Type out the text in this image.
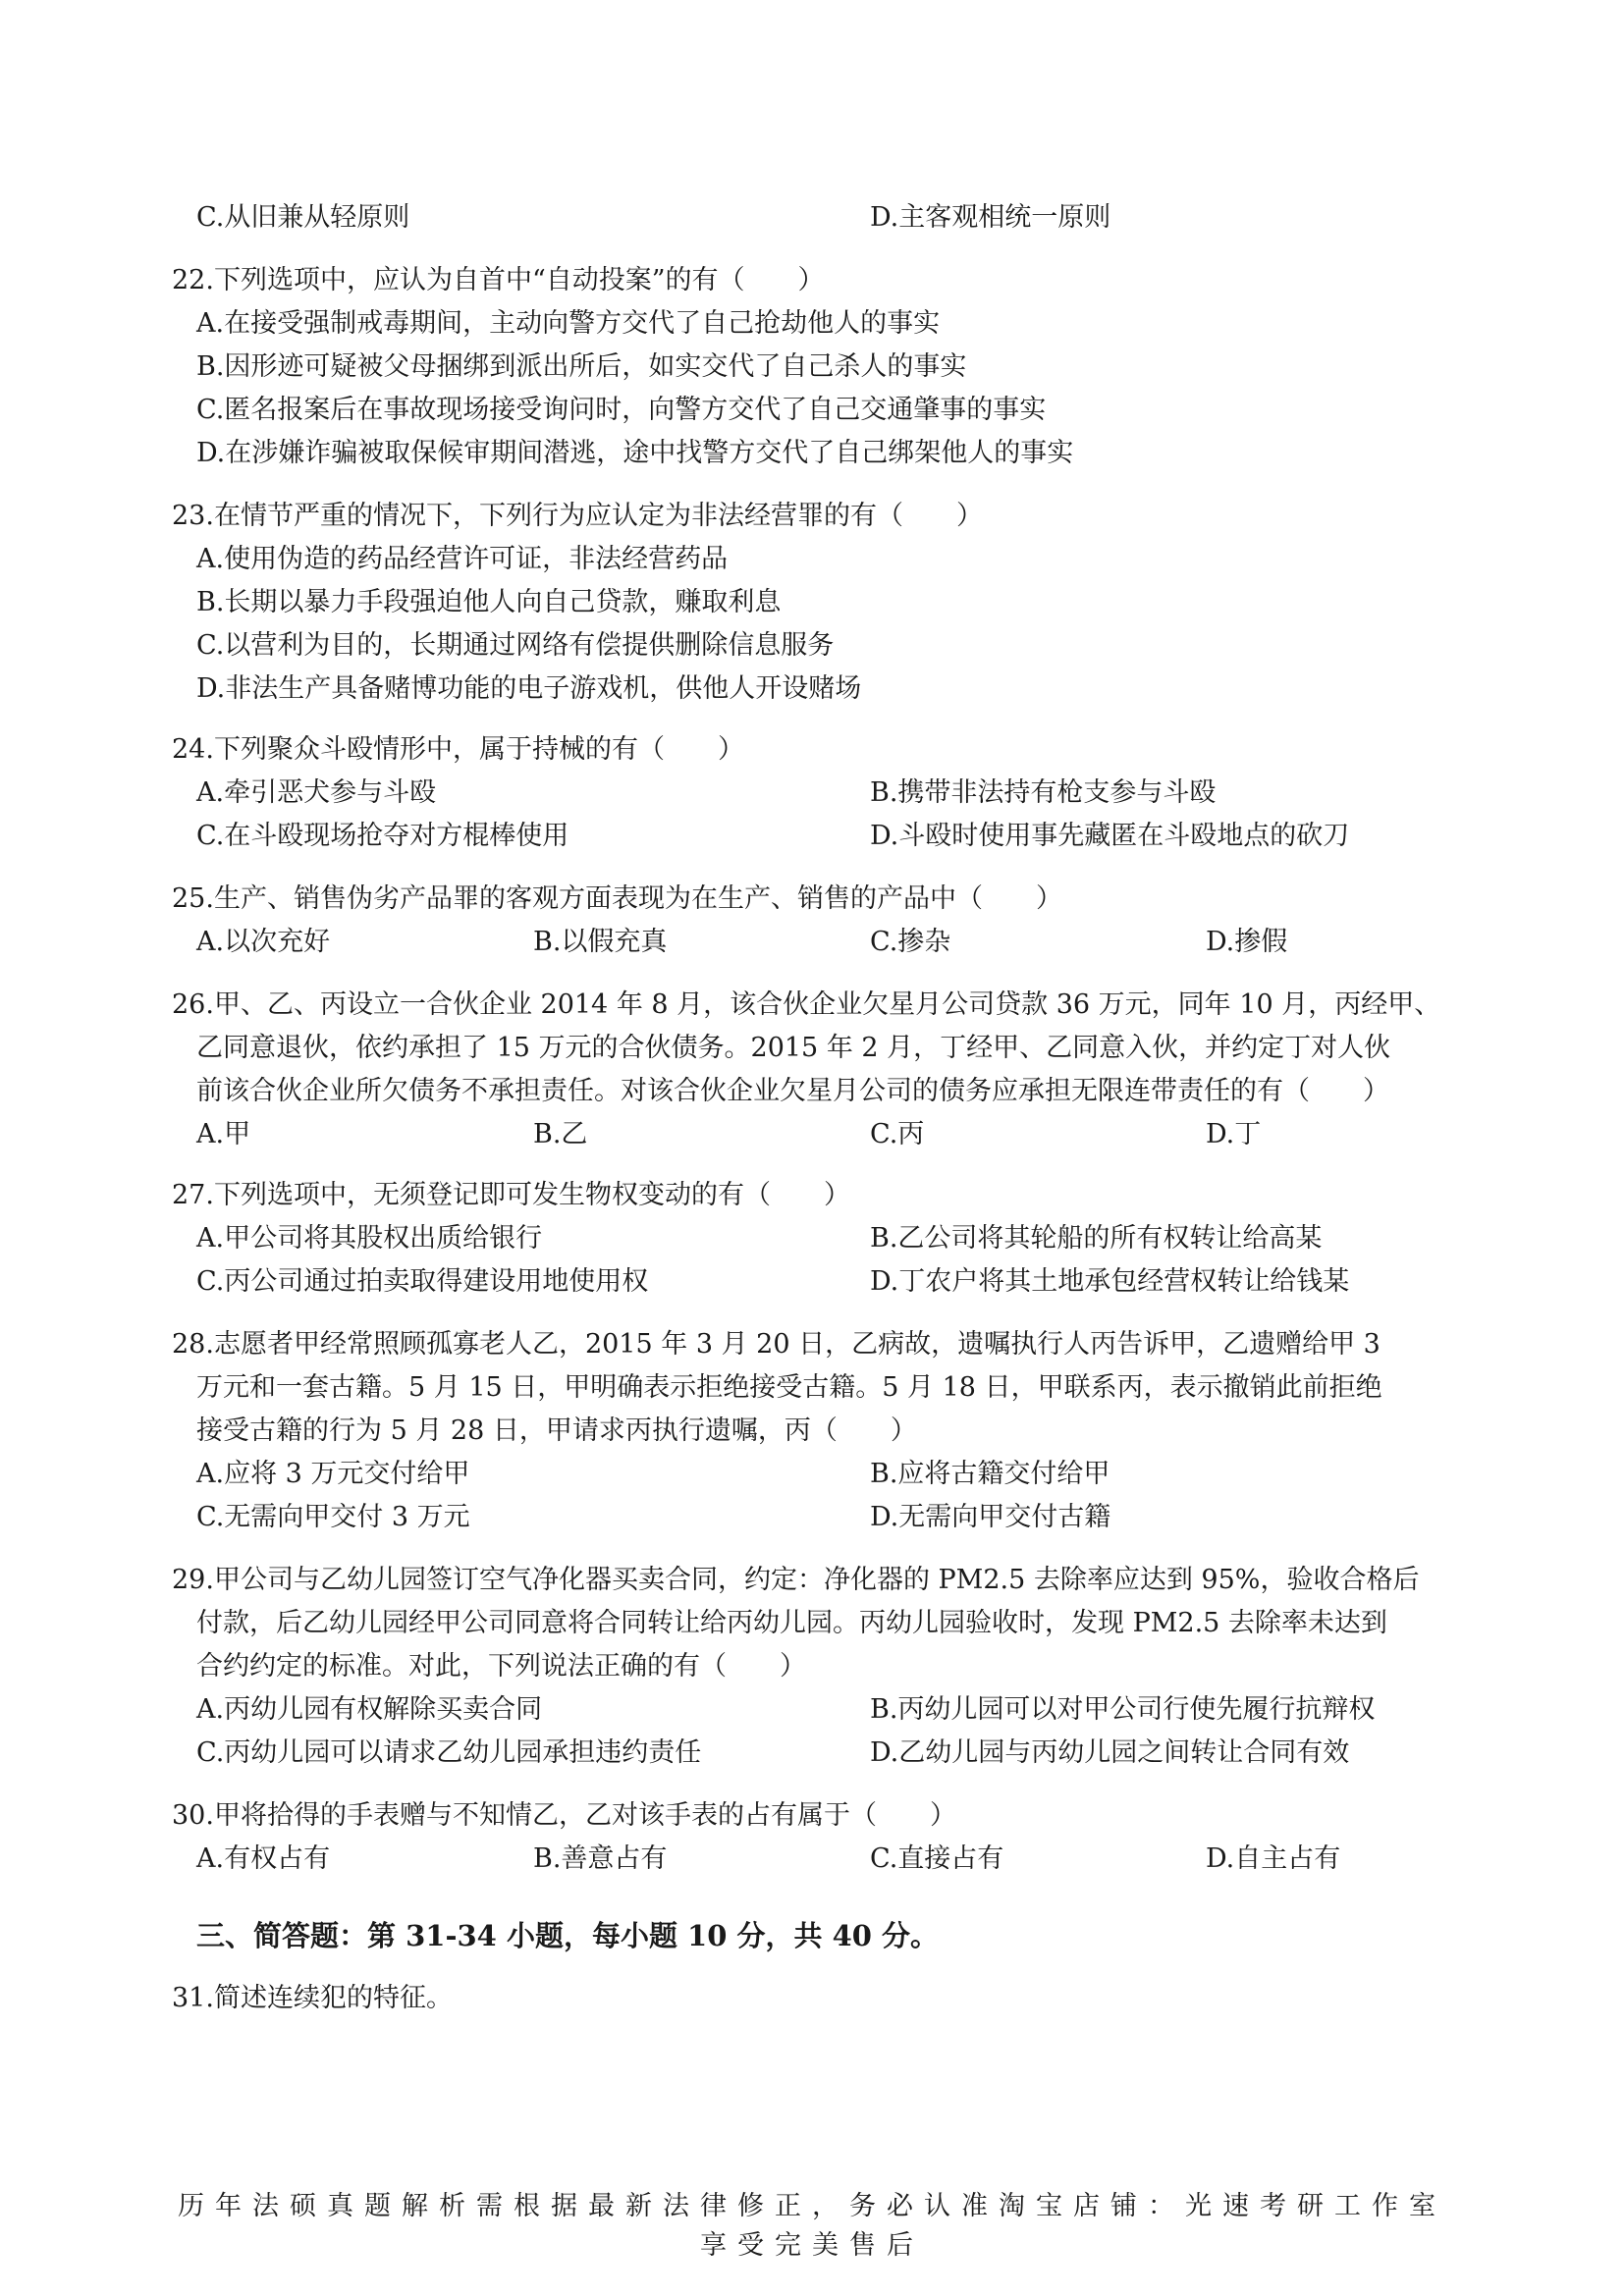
C.从旧兼从轻原则	D.主客观相统一原则
22.下列选项中，应认为自首中“自动投案”的有（　　）
A.在接受强制戒毒期间，主动向警方交代了自己抢劫他人的事实
B.因形迹可疑被父母捆绑到派出所后，如实交代了自己杀人的事实
C.匿名报案后在事故现场接受询问时，向警方交代了自己交通肇事的事实
D.在涉嫌诈骗被取保候审期间潜逃，途中找警方交代了自己绑架他人的事实
23.在情节严重的情况下，下列行为应认定为非法经营罪的有（　　）
A.使用伪造的药品经营许可证，非法经营药品
B.长期以暴力手段强迫他人向自己贷款，赚取利息
C.以营利为目的，长期通过网络有偿提供删除信息服务
D.非法生产具备赌博功能的电子游戏机，供他人开设赌场
24.下列聚众斗殴情形中，属于持械的有（　　）
A.牵引恶犬参与斗殴	B.携带非法持有枪支参与斗殴
C.在斗殴现场抢夺对方棍棒使用	D.斗殴时使用事先藏匿在斗殴地点的砍刀
25.生产、销售伪劣产品罪的客观方面表现为在生产、销售的产品中（　　）
A.以次充好	B.以假充真	C.掺杂	D.掺假
26.甲、乙、丙设立一合伙企业 2014 年 8 月，该合伙企业欠星月公司贷款 36 万元，同年 10 月，丙经甲、
乙同意退伙，依约承担了 15 万元的合伙债务。2015 年 2 月，丁经甲、乙同意入伙，并约定丁对人伙
前该合伙企业所欠债务不承担责任。对该合伙企业欠星月公司的债务应承担无限连带责任的有（　　）
A.甲	B.乙	C.丙	D.丁
27.下列选项中，无须登记即可发生物权变动的有（　　）
A.甲公司将其股权出质给银行	B.乙公司将其轮船的所有权转让给高某
C.丙公司通过拍卖取得建设用地使用权	D.丁农户将其土地承包经营权转让给钱某
28.志愿者甲经常照顾孤寡老人乙，2015 年 3 月 20 日，乙病故，遗嘱执行人丙告诉甲，乙遗赠给甲 3
万元和一套古籍。5 月 15 日，甲明确表示拒绝接受古籍。5 月 18 日，甲联系丙，表示撤销此前拒绝
接受古籍的行为 5 月 28 日，甲请求丙执行遗嘱，丙（　　）
A.应将 3 万元交付给甲	B.应将古籍交付给甲
C.无需向甲交付 3 万元	D.无需向甲交付古籍
29.甲公司与乙幼儿园签订空气净化器买卖合同，约定：净化器的 PM2.5 去除率应达到 95%，验收合格后
付款，后乙幼儿园经甲公司同意将合同转让给丙幼儿园。丙幼儿园验收时，发现 PM2.5 去除率未达到
合约约定的标准。对此，下列说法正确的有（　　）
A.丙幼儿园有权解除买卖合同	B.丙幼儿园可以对甲公司行使先履行抗辩权
C.丙幼儿园可以请求乙幼儿园承担违约责任	D.乙幼儿园与丙幼儿园之间转让合同有效
30.甲将拾得的手表赠与不知情乙，乙对该手表的占有属于（　　）
A.有权占有	B.善意占有	C.直接占有	D.自主占有
三、简答题：第 31-34 小题，每小题 10 分，共 40 分。
31.简述连续犯的特征。
历年法硕真题解析需根据最新法律修正，务必认准淘宝店铺：光速考研工作室
享受完美售后
